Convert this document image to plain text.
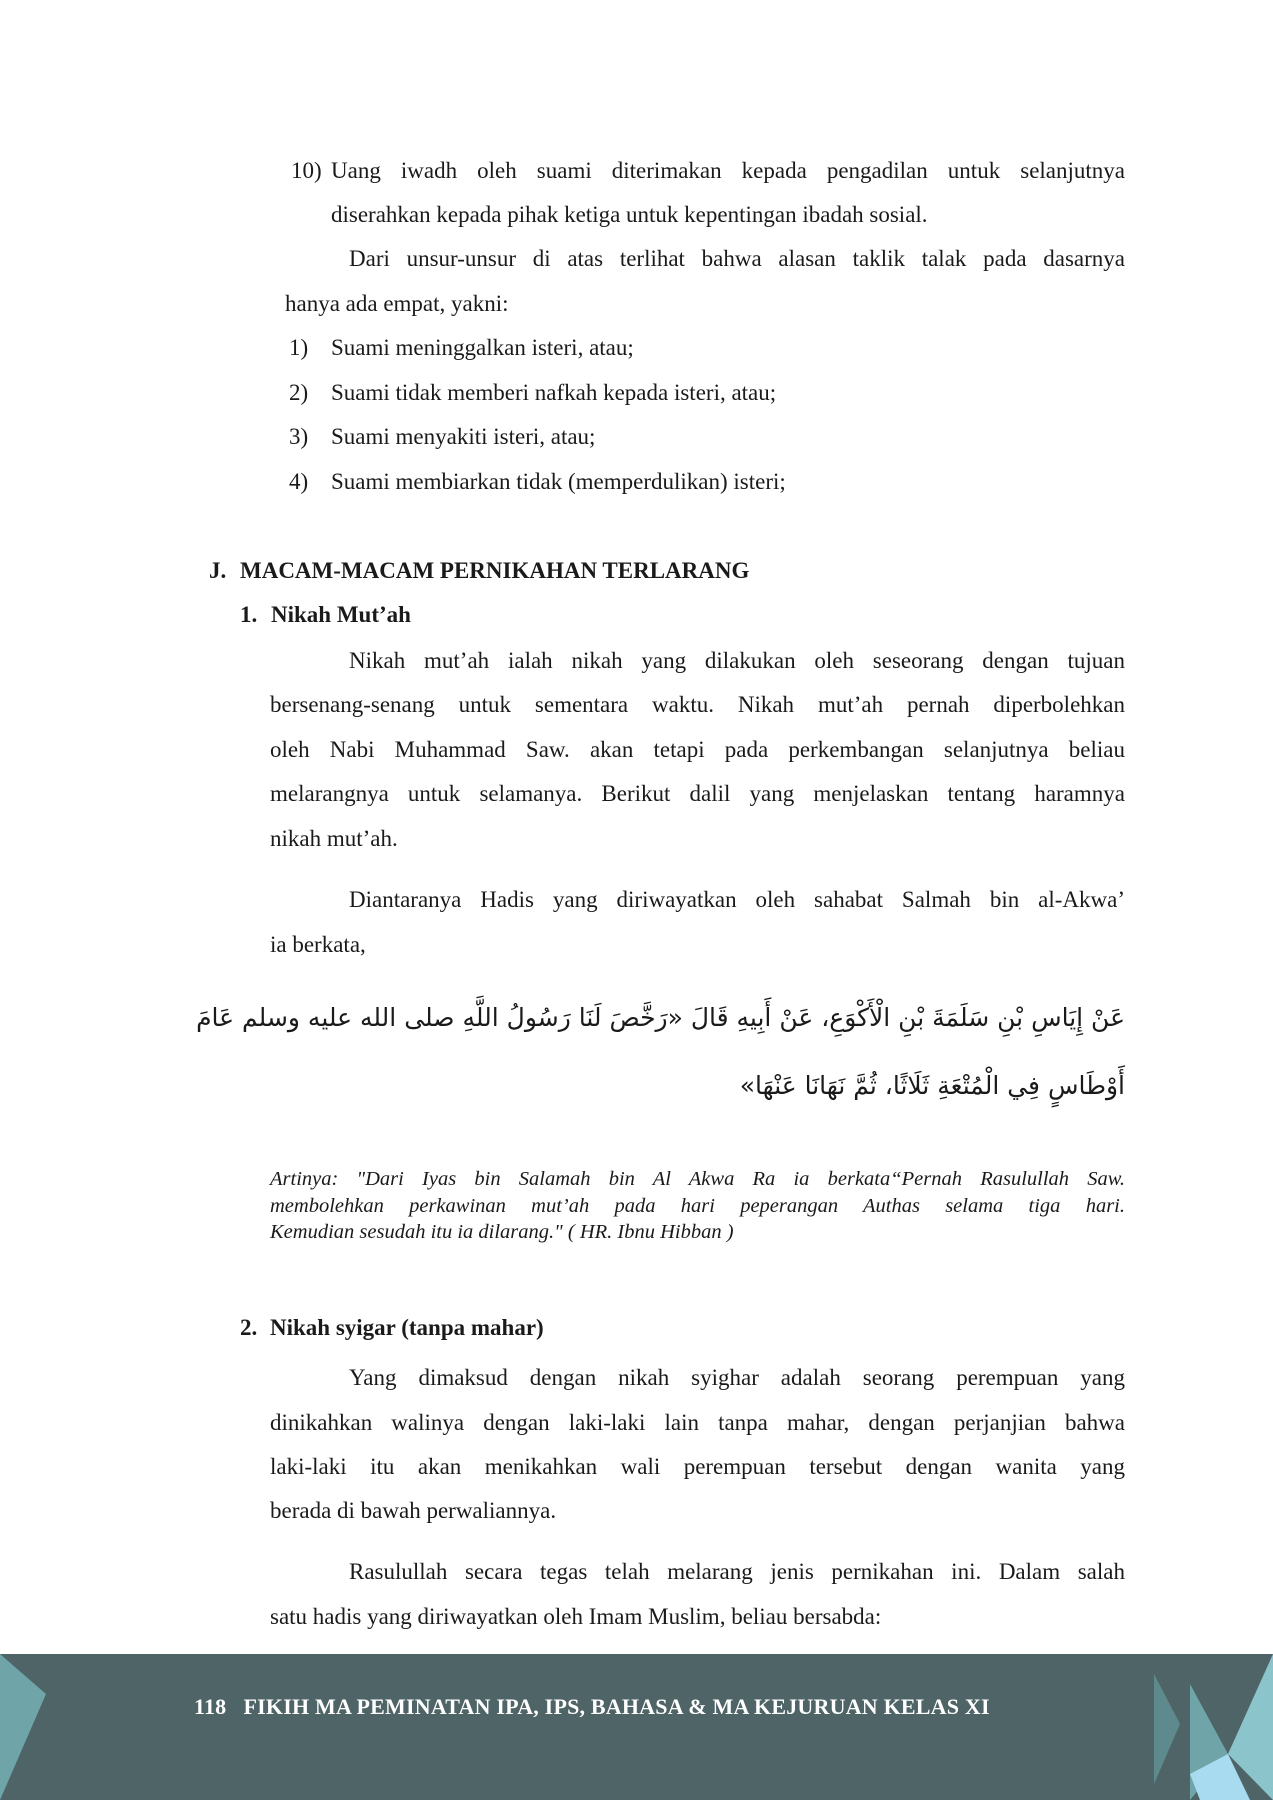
10) Uang iwadh oleh suami diterimakan kepada pengadilan untuk selanjutnya
diserahkan kepada pihak ketiga untuk kepentingan ibadah sosial.
Dari unsur-unsur di atas terlihat bahwa alasan taklik talak pada dasarnya
hanya ada empat, yakni:
1) Suami meninggalkan isteri, atau;
2) Suami tidak memberi nafkah kepada isteri, atau;
3) Suami menyakiti isteri, atau;
4) Suami membiarkan tidak (memperdulikan) isteri;
J. MACAM-MACAM PERNIKAHAN TERLARANG
1. Nikah Mut’ah
Nikah mut’ah ialah nikah yang dilakukan oleh seseorang dengan tujuan
bersenang-senang untuk sementara waktu. Nikah mut’ah pernah diperbolehkan
oleh Nabi Muhammad Saw. akan tetapi pada perkembangan selanjutnya beliau
melarangnya untuk selamanya. Berikut dalil yang menjelaskan tentang haramnya
nikah mut’ah.
Diantaranya Hadis yang diriwayatkan oleh sahabat Salmah bin al-Akwa’
ia berkata,
عَنْ إِيَاسِ بْنِ سَلَمَةَ بْنِ الْأَكْوَعِ، عَنْ أَبِيهِ قَالَ «رَخَّصَ لَنَا رَسُولُ اللَّهِ صلى الله عليه وسلم عَامَ
أَوْطَاسٍ فِي الْمُتْعَةِ ثَلَاثًا، ثُمَّ نَهَانَا عَنْهَا»
Artinya: "Dari Iyas bin Salamah bin Al Akwa Ra ia berkata“Pernah Rasulullah Saw.
membolehkan perkawinan mut’ah pada hari peperangan Authas selama tiga hari.
Kemudian sesudah itu ia dilarang." ( HR. Ibnu Hibban )
2. Nikah syigar (tanpa mahar)
Yang dimaksud dengan nikah syighar adalah seorang perempuan yang
dinikahkan walinya dengan laki-laki lain tanpa mahar, dengan perjanjian bahwa
laki-laki itu akan menikahkan wali perempuan tersebut dengan wanita yang
berada di bawah perwaliannya.
Rasulullah secara tegas telah melarang jenis pernikahan ini. Dalam salah
satu hadis yang diriwayatkan oleh Imam Muslim, beliau bersabda:
118 FIKIH MA PEMINATAN IPA, IPS, BAHASA & MA KEJURUAN KELAS XI
